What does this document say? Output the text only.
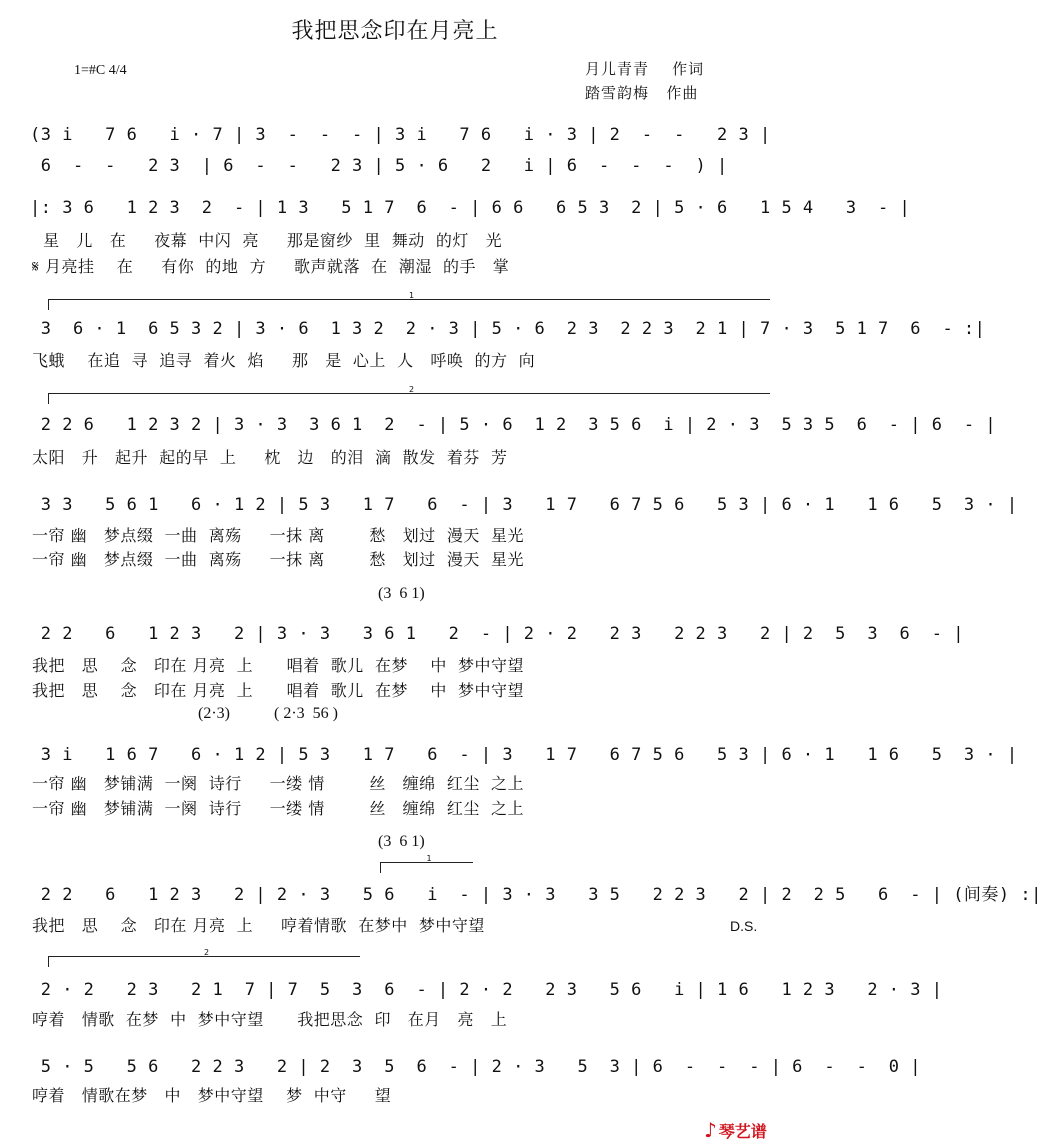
我把思念印在月亮上
1=#C 4/4	月儿青青 作词
踏雪韵梅 作曲
(3 i   7 6   i · 7 | 3  -  -  - | 3 i   7 6   i · 3 | 2  -  -   2 3 |
6  -  -   2 3  | 6  -  -   2 3 | 5 · 6   2   i | 6  -  -  -  ) |
|: 3 6   1 2 3  2  - | 1 3   5 1 7  6  - | 6 6   6 5 3  2 | 5 · 6   1 5 4   3  - |
星   儿   在     夜幕  中闪  亮     那是窗纱  里  舞动  的灯   光
𝄋 月亮挂    在     有你  的地  方     歌声就落  在  潮湿  的手   掌
1
3  6 · 1  6 5 3 2 | 3 · 6  1 3 2  2 · 3 | 5 · 6  2 3  2 2 3  2 1 | 7 · 3  5 1 7  6  - :|
飞蛾    在追  寻  追寻  着火  焰     那   是  心上  人   呼唤  的方  向
2
2 2 6   1 2 3 2 | 3 · 3  3 6 1  2  - | 5 · 6  1 2  3 5 6  i | 2 · 3  5 3 5  6  - | 6  - |
太阳   升   起升  起的早  上     枕   边   的泪  滴  散发  着芬  芳
3 3   5 6 1   6 · 1 2 | 5 3   1 7   6  - | 3   1 7   6 7 5 6   5 3 | 6 · 1   1 6   5  3 · |
一帘 幽   梦点缀  一曲  离殇     一抹 离        愁   划过  漫天  星光
一帘 幽   梦点缀  一曲  离殇     一抹 离        愁   划过  漫天  星光
(3  6 1)
2 2   6   1 2 3   2 | 3 · 3   3 6 1   2  - | 2 · 2   2 3   2 2 3   2 | 2  5  3  6  - |
我把   思    念   印在 月亮  上      唱着  歌儿  在梦    中  梦中守望
我把   思    念   印在 月亮  上      唱着  歌儿  在梦    中  梦中守望
(2·3)           ( 2·3  56 )
3 i   1 6 7   6 · 1 2 | 5 3   1 7   6  - | 3   1 7   6 7 5 6   5 3 | 6 · 1   1 6   5  3 · |
一帘 幽   梦铺满  一阕  诗行     一缕 情        丝   缠绵  红尘  之上
一帘 幽   梦铺满  一阕  诗行     一缕 情        丝   缠绵  红尘  之上
(3  6 1)
1
2 2   6   1 2 3   2 | 2 · 3   5 6   i  - | 3 · 3   3 5   2 2 3   2 | 2  2 5   6  - | (间奏) :|
我把   思    念   印在 月亮  上     哼着情歌  在梦中  梦中守望	D.S.
2
2 · 2   2 3   2 1  7 | 7  5  3  6  - | 2 · 2   2 3   5 6   i | 1 6   1 2 3   2 · 3 |
哼着   情歌  在梦  中  梦中守望      我把思念  印   在月   亮   上
5 · 5   5 6   2 2 3   2 | 2  3  5  6  - | 2 · 3   5  3 | 6  -  -  - | 6  -  -  0 |
哼着   情歌在梦   中   梦中守望    梦  中守     望
♪ 琴艺谱
